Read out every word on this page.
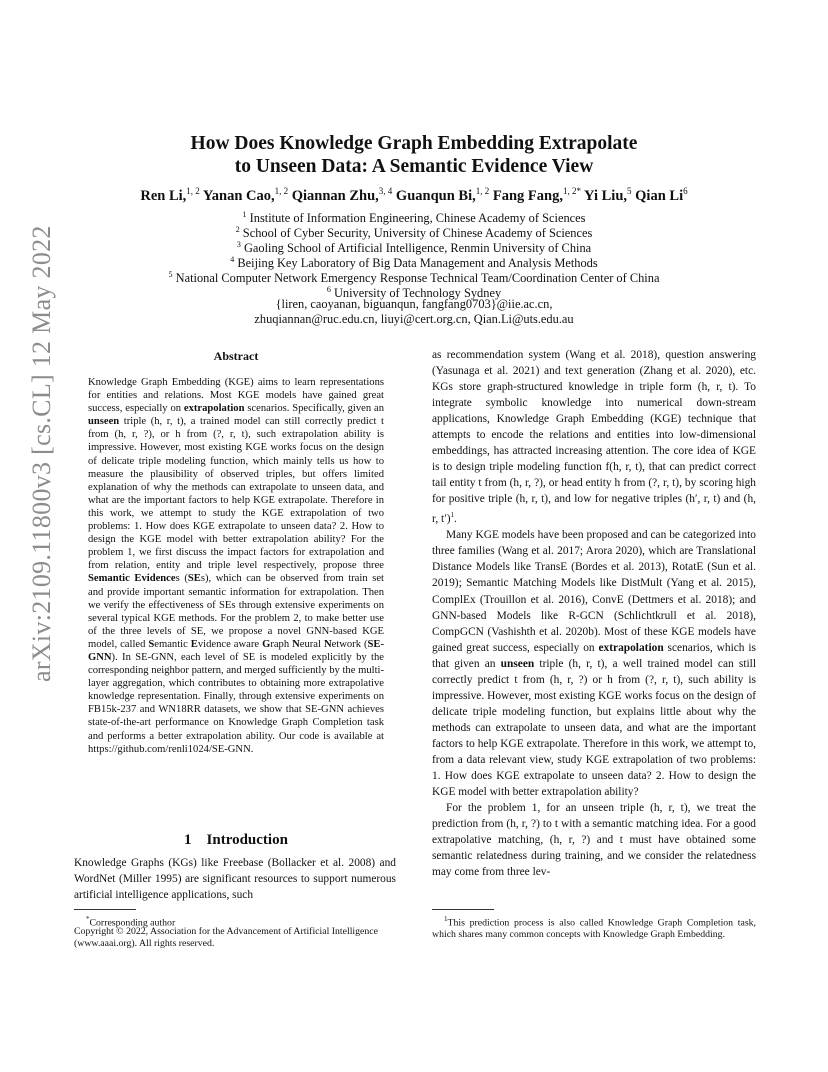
arXiv:2109.11800v3 [cs.CL] 12 May 2022
How Does Knowledge Graph Embedding Extrapolate
to Unseen Data: A Semantic Evidence View
Ren Li,$^{1, 2}$ Yanan Cao,$^{1, 2}$ Qiannan Zhu,$^{3, 4}$ Guanqun Bi,$^{1, 2}$ Fang Fang,$^{1, 2*}$ Yi Liu,$^5$ Qian Li$^6$
$^1$ Institute of Information Engineering, Chinese Academy of Sciences
$^2$ School of Cyber Security, University of Chinese Academy of Sciences
$^3$ Gaoling School of Artificial Intelligence, Renmin University of China
$^4$ Beijing Key Laboratory of Big Data Management and Analysis Methods
$^5$ National Computer Network Emergency Response Technical Team/Coordination Center of China
$^6$ University of Technology Sydney
{liren, caoyanan, biguanqun, fangfang0703}@iie.ac.cn,
zhuqiannan@ruc.edu.cn, liuyi@cert.org.cn, Qian.Li@uts.edu.au
Abstract
Knowledge Graph Embedding (KGE) aims to learn representations for entities and relations. Most KGE models have gained great success, especially on extrapolation scenarios. Specifically, given an unseen triple (h, r, t), a trained model can still correctly predict t from (h, r, ?), or h from (?, r, t), such extrapolation ability is impressive. However, most existing KGE works focus on the design of delicate triple modeling function, which mainly tells us how to measure the plausibility of observed triples, but offers limited explanation of why the methods can extrapolate to unseen data, and what are the important factors to help KGE extrapolate. Therefore in this work, we attempt to study the KGE extrapolation of two problems: 1. How does KGE extrapolate to unseen data? 2. How to design the KGE model with better extrapolation ability? For the problem 1, we first discuss the impact factors for extrapolation and from relation, entity and triple level respectively, propose three Semantic Evidences (SEs), which can be observed from train set and provide important semantic information for extrapolation. Then we verify the effectiveness of SEs through extensive experiments on several typical KGE methods. For the problem 2, to make better use of the three levels of SE, we propose a novel GNN-based KGE model, called Semantic Evidence aware Graph Neural Network (SE-GNN). In SE-GNN, each level of SE is modeled explicitly by the corresponding neighbor pattern, and merged sufficiently by the multi-layer aggregation, which contributes to obtaining more extrapolative knowledge representation. Finally, through extensive experiments on FB15k-237 and WN18RR datasets, we show that SE-GNN achieves state-of-the-art performance on Knowledge Graph Completion task and performs a better extrapolation ability. Our code is available at https://github.com/renli1024/SE-GNN.
1 Introduction

Knowledge Graphs (KGs) like Freebase (Bollacker et al. 2008) and WordNet (Miller 1995) are significant resources to support numerous artificial intelligence applications, such

as recommendation system (Wang et al. 2018), question answering (Yasunaga et al. 2021) and text generation (Zhang et al. 2020), etc. KGs store graph-structured knowledge in triple form (h, r, t). To integrate symbolic knowledge into numerical down-stream applications, Knowledge Graph Embedding (KGE) technique that attempts to encode the relations and entities into low-dimensional embeddings, has attracted increasing attention. The core idea of KGE is to design triple modeling function f(h, r, t), that can predict correct tail entity t from (h, r, ?), or head entity h from (?, r, t), by scoring high for positive triple (h, r, t), and low for negative triples (h′, r, t) and (h, r, t′)$^1$.

Many KGE models have been proposed and can be categorized into three families (Wang et al. 2017; Arora 2020), which are Translational Distance Models like TransE (Bordes et al. 2013), RotatE (Sun et al. 2019); Semantic Matching Models like DistMult (Yang et al. 2015), ComplEx (Trouillon et al. 2016), ConvE (Dettmers et al. 2018); and GNN-based Models like R-GCN (Schlichtkrull et al. 2018), CompGCN (Vashishth et al. 2020b). Most of these KGE models have gained great success, especially on extrapolation scenarios, which is that given an unseen triple (h, r, t), a well trained model can still correctly predict t from (h, r, ?) or h from (?, r, t), such ability is impressive. However, most existing KGE works focus on the design of delicate triple modeling function, but explains little about why the methods can extrapolate to unseen data, and what are the important factors to help KGE extrapolate. Therefore in this work, we attempt to, from a data relevant view, study KGE extrapolation of two problems: 1. How does KGE extrapolate to unseen data? 2. How to design the KGE model with better extrapolation ability?

For the problem 1, for an unseen triple (h, r, t), we treat the prediction from (h, r, ?) to t with a semantic matching idea. For a good extrapolative matching, (h, r, ?) and t must have obtained some semantic relatedness during training, and we consider the relatedness may come from three lev-

*Corresponding author
Copyright © 2022, Association for the Advancement of Artificial Intelligence (www.aaai.org). All rights reserved.
$^1$This prediction process is also called Knowledge Graph Completion task, which shares many common concepts with Knowledge Graph Embedding.
